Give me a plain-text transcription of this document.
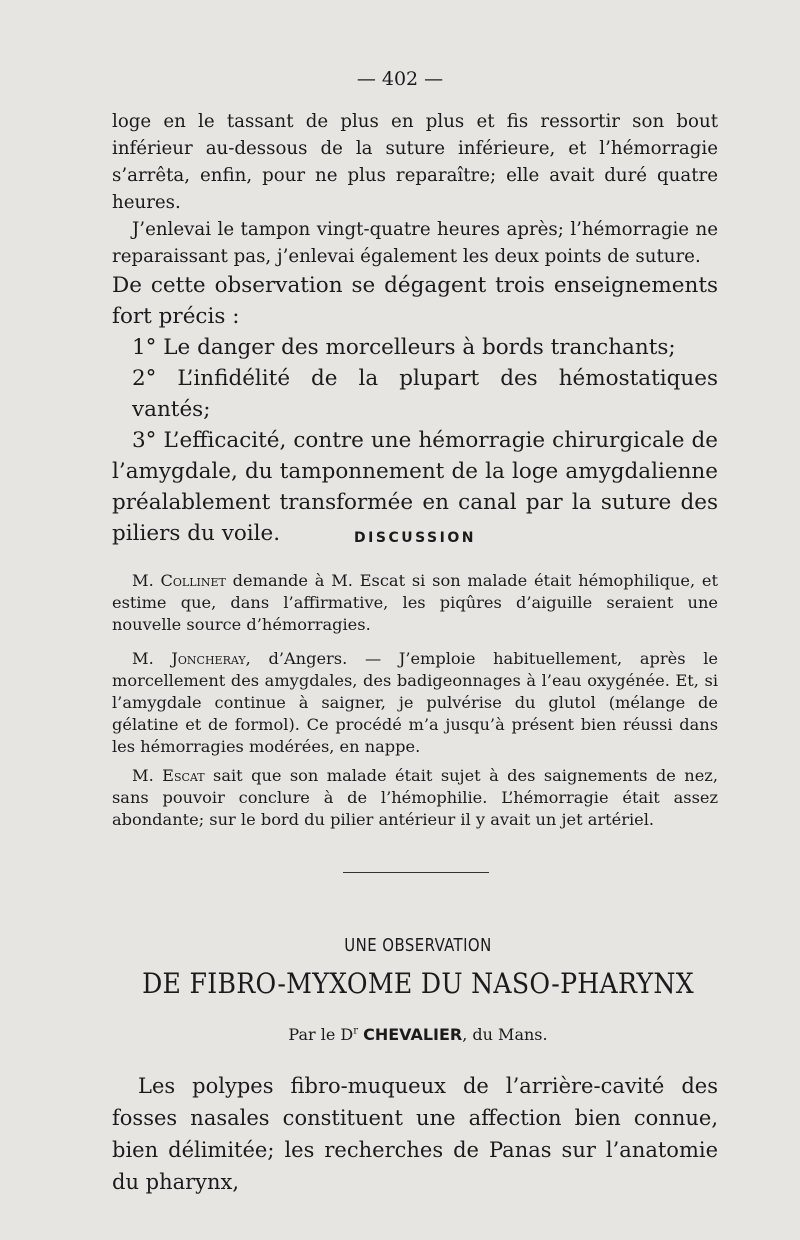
— 402 —

loge en le tassant de plus en plus et fis ressortir son bout inférieur au-dessous de la suture inférieure, et l’hémorragie s’arrêta, enfin, pour ne plus reparaître; elle avait duré quatre heures.
J’enlevai le tampon vingt-quatre heures après; l’hémorragie ne reparaissant pas, j’enlevai également les deux points de suture.

De cette observation se dégagent trois enseignements fort précis :
1° Le danger des morcelleurs à bords tranchants;
2° L’infidélité de la plupart des hémostatiques vantés;
3° L’efficacité, contre une hémorragie chirurgicale de l’amygdale, du tamponnement de la loge amygdalienne préalablement transformée en canal par la suture des piliers du voile.	DISCUSSION

M. Collinet demande à M. Escat si son malade était hémophilique, et estime que, dans l’affirmative, les piqûres d’aiguille seraient une nouvelle source d’hémorragies.

M. Joncheray, d’Angers. — J’emploie habituellement, après le morcellement des amygdales, des badigeonnages à l’eau oxygénée. Et, si l’amygdale continue à saigner, je pulvérise du glutol (mélange de gélatine et de formol). Ce procédé m’a jusqu’à présent bien réussi dans les hémorragies modérées, en nappe.

M. Escat sait que son malade était sujet à des saignements de nez, sans pouvoir conclure à de l’hémophilie. L’hémorragie était assez abondante; sur le bord du pilier antérieur il y avait un jet artériel.

UNE OBSERVATION
DE FIBRO-MYXOME DU NASO-PHARYNX
Par le $D^r$ CHEVALIER, du Mans.

Les polypes fibro-muqueux de l’arrière-cavité des fosses nasales constituent une affection bien connue, bien délimitée; les recherches de Panas sur l’anatomie du pharynx,
